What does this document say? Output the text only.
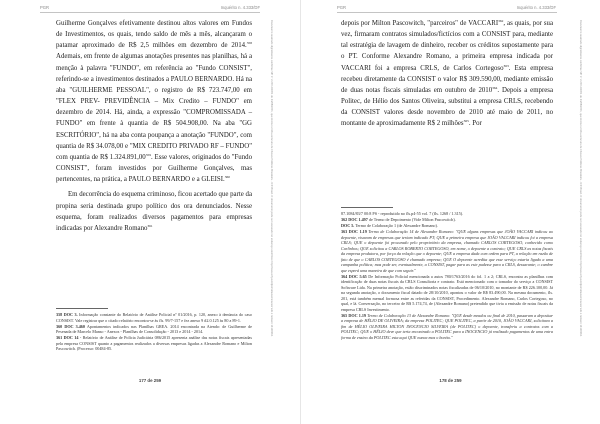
PGR	Inquérito n. 4.333/DF

Guilherme Gonçalves efetivamente destinou altos valores em Fundos de Investimentos, os quais, tendo saldo de mês a mês, alcançaram o patamar aproximado de R$ 2,5 milhões em dezembro de 2014.$^{358}$ Ademais, em frente de algumas anotações presentes nas planilhas, há a menção à palavra "FUNDO", em referência ao "Fundo CONSIST", referindo-se a investimentos destinados a PAULO BERNARDO. Há na aba "GUILHERME PESSOAL", o registro de R$ 723.747,00 em "FLEX PREV- PREVIDÊNCIA – Mix Credito – FUNDO" em dezembro de 2014. Há, ainda, a expressão "COMPROMISSADA – FUNDO" em frente à quantia de R$ 504.908,00. Na aba "GG ESCRITÓRIO", há na aba conta poupança a anotação "FUNDO", com quantia de R$ 34.078,00 e "MIX CREDITO PRIVADO RF – FUNDO" com quantia de R$ 1.324.891,00$^{359}$. Esse valores, originados do "Fundo CONSIST", foram investidos por Guilherme Gonçalves, mas pertencentes, na prática, a PAULO BERNARDO e a GLEISI.$^{360}$

Em decorrência do esquema criminoso, ficou acertado que parte da propina seria destinada grupo político dos ora denunciados. Nesse esquema, foram realizados diversos pagamentos para empresas indicadas por Alexandre Romano$^{361}$

358 DOC 3. Informação constante do Relatório de Análise Policial nº 01/2016, p. 120, anexo à denúncia do caso CONSIST. Vale registrar que o citado relatório encontra-se às fls. 99/7-157 e fez anexo 9 #2.0.125 às 80 a 89-1.
360 DOC 3.460 Apontamentos indicados nas Planilhas GREA. 2014 encontrada na Atendo: de Guilherme de Pesenada de Marcelo Manso - Anexos - Planilhas de Consolidação - 2013 e 2014 - 2014.
361 DOC 14 - Relatório de Análise de Polícia Judiciária 086/2015 apresenta análise das notas fiscais apresentadas pela empresa CONSIST quanto a pagamentos realizados a diversas empresas ligadas a Alexandre Romano e Milton Pascowitch. (Processo: 00484-85.
177 de 259
Documento assinado digitalmente conforme MP n° 2.200-2/2001 de 24/08/2001, que institui a Infra-estrutura de Chaves Públicas Brasileira - ICP-Brasil. O documento pode ser acessado no endereço eletrônico http://www.stf.jus.br/portal/autenticacao/ sob o número 14128262.
PGR	Inquérito n. 4.333/DF

depois por Milton Pascowitch, "parceiros" de VACCARI$^{362}$, as quais, por sua vez, firmaram contratos simulados/fictícios com a CONSIST para, mediante tal estratégia de lavagem de dinheiro, receber os créditos supostamente para o PT. Conforme Alexandre Romano, a primeira empresa indicada por VACCARI foi a empresa CRLS, de Carlos Cortegoso$^{363}$. Esta empresa recebeu diretamente da CONSIST o valor R$ 309.590,00, mediante emissão de duas notas fiscais simuladas em outubro de 2010$^{364}$. Depois a empresa Politec, de Hélio dos Santos Oliveira, substitui a empresa CRLS, recebendo da CONSIST valores desde novembro de 2010 até maio de 2011, no montante de aproximadamente R$ 2 milhões$^{365}$. Por

87.1084/83/7 00:8 PS - reprodutido no fls.p4-55 vol. 7 (fls. 1268 / 1.315).
362 DOC 1.497 de Termo de Depoimento (Vide Milton Pascowitch).
DOC 5. Termo de Colaboração 1 (de Alexandre Romano).
363 DOC 1.19 Termo de Colaboração 14 de Alexandre Romano: "QUE alguns empresas que JOÃO VACCARI indicou ao depoente, visavam de empresas que teriam indicado PT; QUE a primeira empresa que JOÃO VACCARI indicou foi a empresa CRLS; QUE o depoente foi procurado pelo proprietário da empresa, chamado CARLOS CORTEGOSO, conhecido como Carlinhos; QUE solicitou a CARLOS ROBERTO CORTEGOSO, em nome, o depoente a contrato; QUE CRLS as notas fiscais da empresa produtora, por força da relação que o depoente; QUE a empresa dada com ordem para PT, a relação em razão de fato de que o CARLOS CORTEGOSO é chamado empresa; QUE O depoente acredita que esse serviço estaria ligado a uma campanha política; mas pode ser, eventualmente, a CONSIST, pagar para as este pudesse para a CRLS, dessarante; o cumbre que esperá uma maneira de que com seguir."
364 DOC 5.65 De Informação Policial mencionada a autos 780/1763/2016 do fol. 1 a 2; CRLS, encontra as planilhas com identificação de duas notas fiscais da CRLS Consultoria e contrato. Está mencionado com o tomador do serviço a CONSIST Software Ltda. Na primeira anotação, estão discriminados notas fiscalizadas de 06/10/2010, no montante de R$ 226.100,00. Já na segunda anotação, o documento fiscal datado de 28/10/2010, apontou o valor de R$ 83.490,00. Na mesma documento, fls. 201, está também mensal formosa entre as referidas da CONSIST, Procedimento. Alexandre Romano, Carlos Cortegoso, no qual, e lá. Conversação, no terceiro de R$ 5.174,74, de (Alexandre Romano) pretendido que tivia a emissão de notas fiscais da empresa CRLS Investimento.
365 DOC 1.19 Termo de Colaboração 13 de Alexandre Romano: "QUE desde meados ou final de 2010, passaram a depositar a empresa de HÉLIO DE OLIVEIRA; da empresa POLITEC; QUE POLITEC, a partir de 2010, JOÃO VACCARI, solicitava a fim de HÉLIO OLIVEIRA HILTON INOCENCIO SILVEIRA (de POLITEC) o depoente, transferiu a contratos com a POLITEC; QUE o HÉLIO deve que teria encontrado a POLITEC para a INOCENCIO já realizado pagamentos de uma entra forma de ensino da POLITEC esta aqui QUE nunca mas o bonito."
178 de 259
Documento assinado digitalmente conforme MP n° 2.200-2/2001 de 24/08/2001, que institui a Infra-estrutura de Chaves Públicas Brasileira - ICP-Brasil. O documento pode ser acessado no endereço eletrônico http://www.stf.jus.br/portal/autenticacao/ sob o número 14128262.
